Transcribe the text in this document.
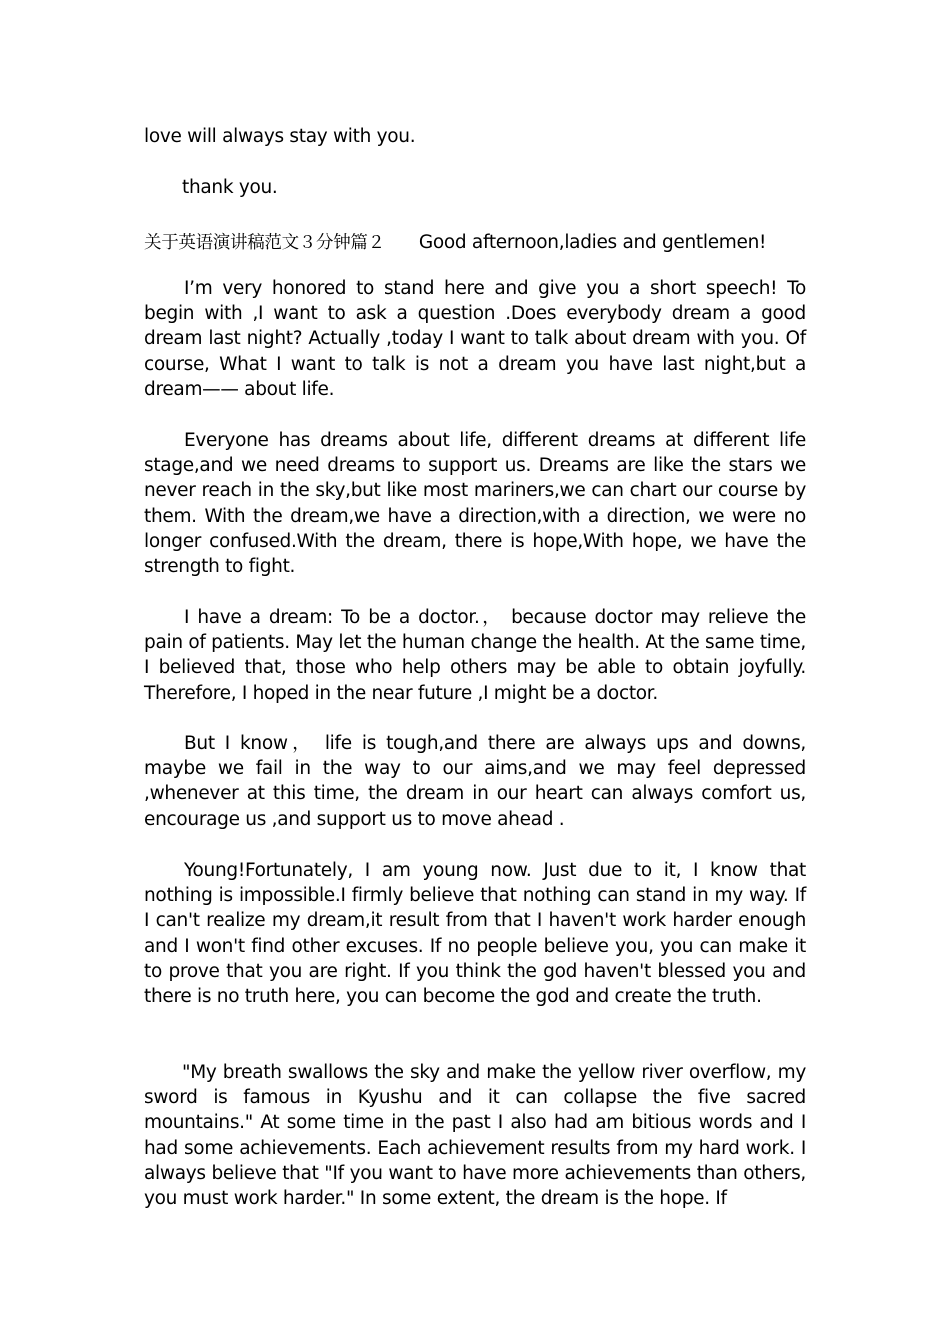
love will always stay with you.
thank you.
关于英语演讲稿范文３分钟篇２ Good afternoon,ladies and gentlemen!

I’m very honored to stand here and give you a short speech! To begin with ,I want to ask a question .Does everybody dream a good dream last night? Actually ,today I want to talk about dream with you. Of course, What I want to talk is not a dream you have last night,but a dream—— about life.

Everyone has dreams about life, different dreams at different life stage,and we need dreams to support us. Dreams are like the stars we never reach in the sky,but like most mariners,we can chart our course by them. With the dream,we have a direction,with a direction, we were no longer confused.With the dream, there is hope,With hope, we have the strength to fight.

I have a dream: To be a doctor.， because doctor may relieve the pain of patients. May let the human change the health. At the same time, I believed that, those who help others may be able to obtain joyfully. Therefore, I hoped in the near future ,I might be a doctor.

But I know， life is tough,and there are always ups and downs, maybe we fail in the way to our aims,and we may feel depressed ,whenever at this time, the dream in our heart can always comfort us, encourage us ,and support us to move ahead .

Young!Fortunately, I am young now. Just due to it, I know that nothing is impossible.I firmly believe that nothing can stand in my way. If I can't realize my dream,it result from that I haven't work harder enough and I won't find other excuses. If no people believe you, you can make it to prove that you are right. If you think the god haven't blessed you and there is no truth here, you can become the god and create the truth.

"My breath swallows the sky and make the yellow river overflow, my sword is famous in Kyushu and it can collapse the five sacred mountains." At some time in the past I also had am bitious words and I had some achievements. Each achievement results from my hard work. I always believe that "If you want to have more achievements than others, you must work harder." In some extent, the dream is the hope. If
